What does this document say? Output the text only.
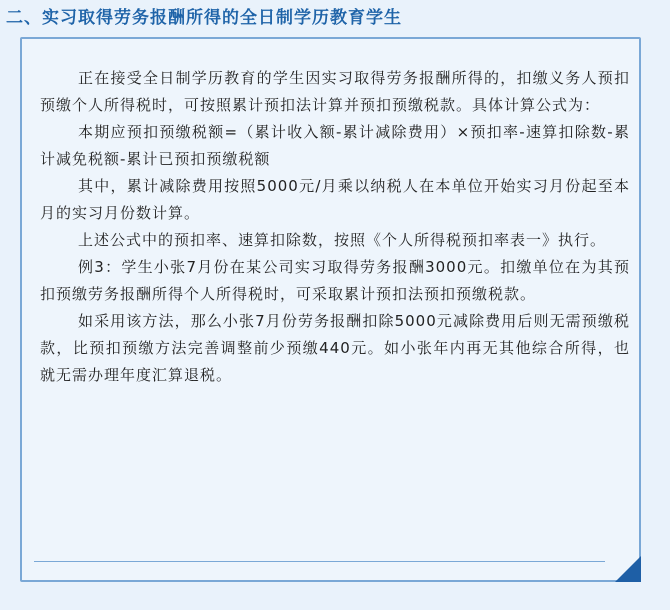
二、实习取得劳务报酬所得的全日制学历教育学生

正在接受全日制学历教育的学生因实习取得劳务报酬所得的，扣缴义务人预扣预缴个人所得税时，可按照累计预扣法计算并预扣预缴税款。具体计算公式为：

本期应预扣预缴税额=（累计收入额-累计减除费用）×预扣率-速算扣除数-累计减免税额-累计已预扣预缴税额

其中，累计减除费用按照5000元/月乘以纳税人在本单位开始实习月份起至本月的实习月份数计算。

上述公式中的预扣率、速算扣除数，按照《个人所得税预扣率表一》执行。

例3：学生小张7月份在某公司实习取得劳务报酬3000元。扣缴单位在为其预扣预缴劳务报酬所得个人所得税时，可采取累计预扣法预扣预缴税款。

如采用该方法，那么小张7月份劳务报酬扣除5000元减除费用后则无需预缴税款，比预扣预缴方法完善调整前少预缴440元。如小张年内再无其他综合所得，也就无需办理年度汇算退税。
